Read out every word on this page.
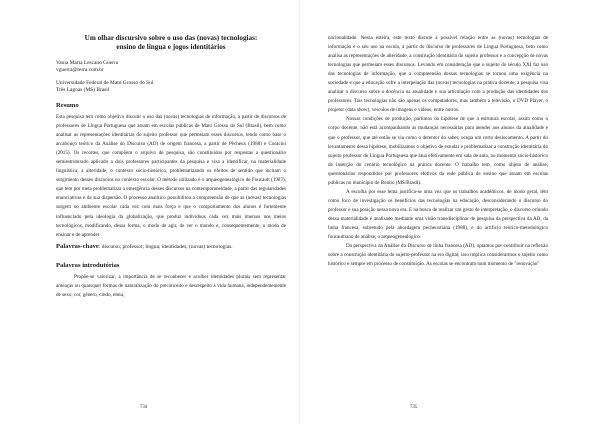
Um olhar discursivo sobre o uso das (novas) tecnologias:
ensino de língua e jogos identitários

Vania Maria Lescano Guerra

vguerra@terra.com.br

Universidade Federal de Mato Grosso do Sul

Três Lagoas (MS) Brasil

Resumo

Esta pesquisa tem como objetivo discutir o uso das (novas) tecnologias de informação, a partir de discursos de professores de Língua Portuguesa que atuam em escolas públicas de Mato Grosso do Sul (Brasil), bem como analisar as representações identitárias do sujeito professor que permeiam esses discursos, tendo como base o arcabouço teórico da Análise do Discurso (AD) de origem francesa, a partir de Pêcheux (1988) e Coracini (2015). Os recortes, que compõem o arquivo de pesquisa, são constituídos por respostas a questionário semiestruturado aplicado a dois professores participantes da pesquisa e visa a identificar, na materialidade linguística, a alteridade, o contexto sócio-histórico, problematizando os efeitos de sentido que incitam o surgimento desses discursos no contexto escolar. O método utilizado é o arqueogenealógico de Foucault (1987), que tem por meta problematizar a emergência desses discursos na contemporaneidade, a partir das regularidades enunciativas e da sua dispersão. O processo analítico possibilitou a compreensão de que as (novas) tecnologias surgem no ambiente escolar cada vez com mais força e que o comportamento dos alunos é fortemente influenciado pela ideologia da globalização, que produz indivíduos cada vez mais imersos nos meios tecnológicos, modificando, dessa forma, o modo de agir, de ver o mundo e, consequentemente, o modo de ensinar e de aprender.

Palavras-chave: discurso; professor; língua; identidades; (novas) tecnologias.

Palavras introdutórias

Propõe-se valorizar, a importância de se reconhecer e acolher identidades plurais sem representar ameaças ou quaisquer formas de naturalização do preconceito e desrespeito à vida humana, independentemente de sexo, cor, gênero, credo, etnia,

734

nacionalidade. Nessa esteira, este texto discute a possível relação entre as (novas) tecnologias de informação e o seu uso na escola, a partir do discurso de professores de Língua Portuguesa, bem como analisa as representações de alteridade, a construção identitária do sujeito professor e a concepção de novas tecnologias que permeiam esses discursos. Levando em consideração que o sujeito do século XXI faz uso das tecnologias de informação, que a compreensão dessas tecnologias se tornou uma exigência na sociedade e que a educação sofre a interpelação das (novas) tecnologias na prática docente, a pesquisa visa analisar o discurso sobre a docência na atualidade e sua articulação com a produção das identidades dos professores. Tais tecnologias não são apenas os computadores, mas também a televisão, o DVD Player, o projetor (data show), veículos de imagens e vídeos, entre outros.

Nossas condições de produção, partimos da hipótese de que a estrutura escolar, assim como o corpo docente, não está acompanhando as mudanças necessárias para atender aos alunos da atualidade e que o professor, que até então se via como o detentor do saber, ocupa um certo deslocamento. A partir do levantamento dessa hipótese, mobilizamos o objetivo de estudar e problematizar a construção identitária do sujeito professor de Língua Portuguesa que atua efetivamente em sala de aula, no momento sócio-histórico de inserção do cenário tecnológico na prática docente. O trabalho tem, como objeto de análise, questionários respondidos por professores efetivos da rede pública de ensino que atuam em escolas públicas no município de Bonito (MS/Brasil).

A escolha por esse tema justifica-se uma vez que os trabalhos acadêmicos, de modo geral, têm como foco de investigação os benefícios das tecnologias na educação, desconsiderando o discurso do professor e sua posição nessa nova era. E na busca de realizar um gesto de interpretação, o discurso oriundo dessa materialidade é analisado mediante uma visão transdisciplinar de pesquisa da perspectiva da AD, da linha francesa, sobretudo pela abordagem pecheuxtiana (1988), e do artifício teórico-metodológico foucaultiano de análise, o arqueogenealógico.

Da perspectiva da Análise do Discurso de linha francesa (AD), optamos por contribuir na reflexão sobre a construção identitária do sujeito-professor na era digital; isso implica considerarmos o sujeito como histórico e sempre em processo de constituição. As escolas se encontram num momento de "renovação"

735
